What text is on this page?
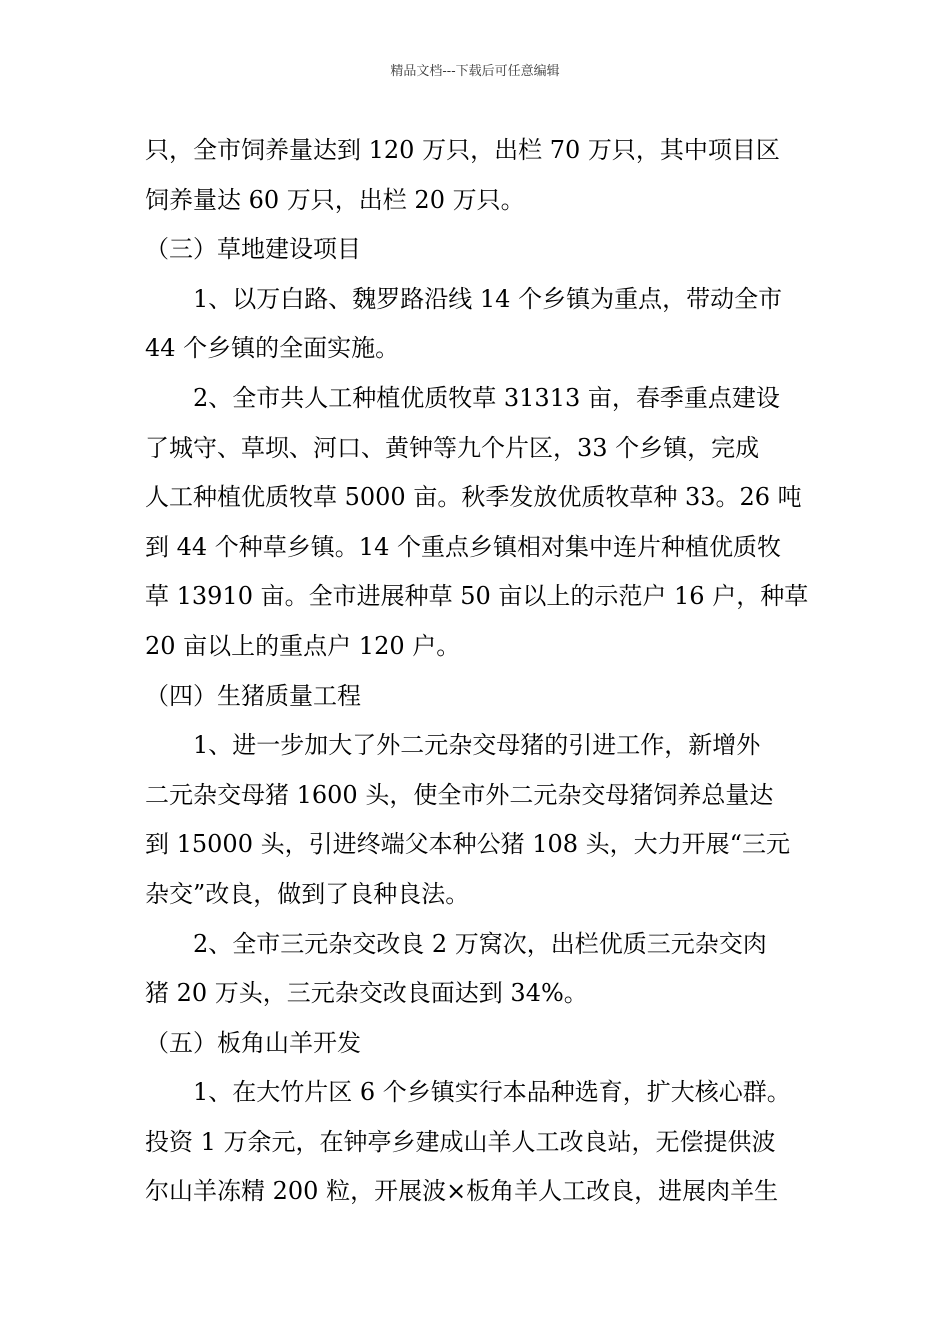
精品文档---下载后可任意编辑

只，全市饲养量达到 120 万只，出栏 70 万只，其中项目区

饲养量达 60 万只，出栏 20 万只。

（三）草地建设项目

1、以万白路、魏罗路沿线 14 个乡镇为重点，带动全市

44 个乡镇的全面实施。

2、全市共人工种植优质牧草 31313 亩，春季重点建设

了城守、草坝、河口、黄钟等九个片区，33 个乡镇，完成

人工种植优质牧草 5000 亩。秋季发放优质牧草种 33。26 吨

到 44 个种草乡镇。14 个重点乡镇相对集中连片种植优质牧

草 13910 亩。全市进展种草 50 亩以上的示范户 16 户，种草

20 亩以上的重点户 120 户。

（四）生猪质量工程

1、进一步加大了外二元杂交母猪的引进工作，新增外

二元杂交母猪 1600 头，使全市外二元杂交母猪饲养总量达

到 15000 头，引进终端父本种公猪 108 头，大力开展“三元

杂交”改良，做到了良种良法。

2、全市三元杂交改良 2 万窝次，出栏优质三元杂交肉

猪 20 万头，三元杂交改良面达到 34%。

（五）板角山羊开发

1、在大竹片区 6 个乡镇实行本品种选育，扩大核心群。

投资 1 万余元，在钟亭乡建成山羊人工改良站，无偿提供波

尔山羊冻精 200 粒，开展波×板角羊人工改良，进展肉羊生
